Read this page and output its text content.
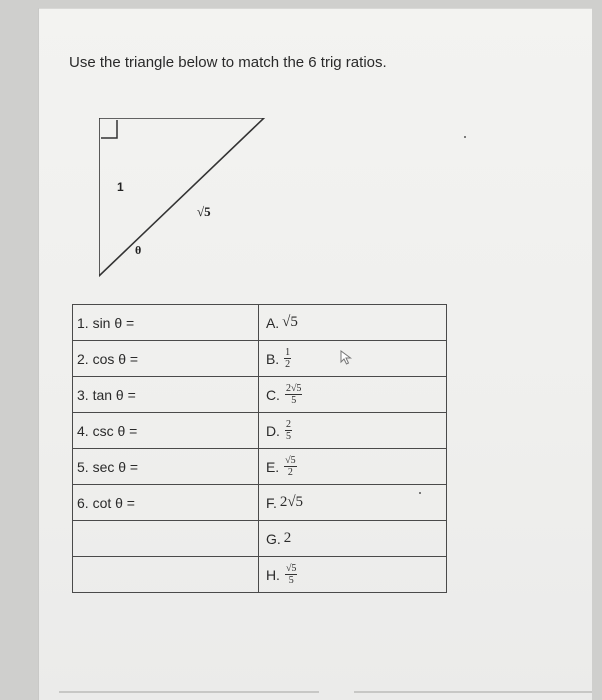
Use the triangle below to match the 6 trig ratios.
1
√5
θ
1. sin θ =	A. √5

2. cos θ =	B. $\frac{1}{2}$

3. tan θ =	C. $\frac{2√5}{5}$

4. csc θ =	D. $\frac{2}{5}$

5. sec θ =	E. $\frac{√5}{2}$

6. cot θ =	F. 2√5

	G. 2

	H. $\frac{√5}{5}$
